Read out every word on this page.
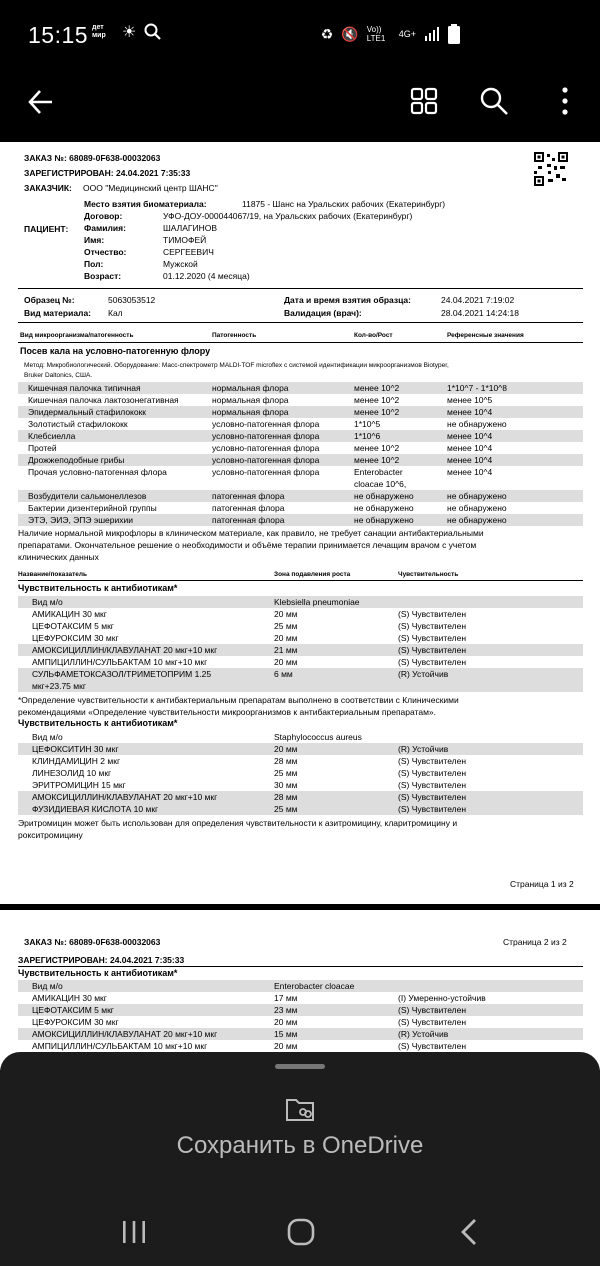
15:15 дет мир	☀	♻ 🔇 Vo)) LTE1	4G+
ЗАКАЗ №: 68089-0F638-00032063
ЗАРЕГИСТРИРОВАН: 24.04.2021 7:35:33
ЗАКАЗЧИК: ООО "Медицинский центр ШАНС"
ПАЦИЕНТ:
Место взятия биоматериала:	11875 - Шанс на Уральских рабочих (Екатеринбург)
Договор:	УФО-ДОУ-000044067/19, на Уральских рабочих (Екатеринбург)
Фамилия:	ШАЛАГИНОВ
Имя:	ТИМОФЕЙ
Отчество:	СЕРГЕЕВИЧ
Пол:	Мужской
Возраст:	01.12.2020 (4 месяца)
Образец №:	5063053512
Вид материала: Кал
Дата и время взятия образца:	24.04.2021 7:19:02
Валидация (врач):	28.04.2021 14:24:18
Вид микроорганизма/патогенность	Патогенность	Кол-во/Рост	Референсные значения
Посев кала на условно-патогенную флору
Метод: Микробиологический. Оборудование: Масс-спектрометр MALDI-TOF microflex с системой идентификации микроорганизмов Biotyper,
Bruker Daltonics, США.
Кишечная палочка типичная	нормальная флора	менее 10^2	1*10^7 - 1*10^8
Кишечная палочка лактозонегативная	нормальная флора	менее 10^2	менее 10^5
Эпидермальный стафилококк	нормальная флора	менее 10^2	менее 10^4
Золотистый стафилококк	условно-патогенная флора	1*10^5	не обнаружено
Клебсиелла	условно-патогенная флора	1*10^6	менее 10^4
Протей	условно-патогенная флора	менее 10^2	менее 10^4
Дрожжеподобные грибы	условно-патогенная флора	менее 10^2	менее 10^4
Прочая условно-патогенная флора	условно-патогенная флора	Enterobacter	менее 10^4
cloacae 10^6,
Возбудители сальмонеллезов	патогенная флора	не обнаружено	не обнаружено
Бактерии дизентерийной группы	патогенная флора	не обнаружено	не обнаружено
ЭТЭ, ЭИЭ, ЭПЭ эшерихии	патогенная флора	не обнаружено	не обнаружено
Наличие нормальной микрофлоры в клиническом материале, как правило, не требует санации антибактериальными
препаратами. Окончательное решение о необходимости и объёме терапии принимается лечащим врачом с учетом
клинических данных
Название/показатель	Зона подавления роста	Чувствительность
Чувствительность к антибиотикам*
Вид м/о	Klebsiella pneumoniae
АМИКАЦИН 30 мкг	20 мм	(S) Чувствителен
ЦЕФОТАКСИМ 5 мкг	25 мм	(S) Чувствителен
ЦЕФУРОКСИМ 30 мкг	20 мм	(S) Чувствителен
АМОКСИЦИЛЛИН/КЛАВУЛАНАТ 20 мкг+10 мкг	21 мм	(S) Чувствителен
АМПИЦИЛЛИН/СУЛЬБАКТАМ 10 мкг+10 мкг	20 мм	(S) Чувствителен
СУЛЬФАМЕТОКСАЗОЛ/ТРИМЕТОПРИМ 1.25	6 мм	(R) Устойчив
мкг+23.75 мкг
*Определение чувствительности к антибактериальным препаратам выполнено в соответствии с Клиническими
рекомендациями «Определение чувствительности микроорганизмов к антибактериальным препаратам».
Чувствительность к антибиотикам*
Вид м/о	Staphylococcus aureus
ЦЕФОКСИТИН 30 мкг	20 мм	(R) Устойчив
КЛИНДАМИЦИН 2 мкг	28 мм	(S) Чувствителен
ЛИНЕЗОЛИД 10 мкг	25 мм	(S) Чувствителен
ЭРИТРОМИЦИН 15 мкг	30 мм	(S) Чувствителен
АМОКСИЦИЛЛИН/КЛАВУЛАНАТ 20 мкг+10 мкг	28 мм	(S) Чувствителен
ФУЗИДИЕВАЯ КИСЛОТА 10 мкг	25 мм	(S) Чувствителен
Эритромицин может быть использован для определения чувствительности к азитромицину, кларитромицину и
рокситромицину
Страница 1 из 2
ЗАКАЗ №: 68089-0F638-00032063	Страница 2 из 2
ЗАРЕГИСТРИРОВАН: 24.04.2021 7:35:33
Чувствительность к антибиотикам*
Вид м/о	Enterobacter cloacae
АМИКАЦИН 30 мкг	17 мм	(I) Умеренно-устойчив
ЦЕФОТАКСИМ 5 мкг	23 мм	(S) Чувствителен
ЦЕФУРОКСИМ 30 мкг	20 мм	(S) Чувствителен
АМОКСИЦИЛЛИН/КЛАВУЛАНАТ 20 мкг+10 мкг	15 мм	(R) Устойчив
АМПИЦИЛЛИН/СУЛЬБАКТАМ 10 мкг+10 мкг	20 мм	(S) Чувствителен
Сохранить в OneDrive
